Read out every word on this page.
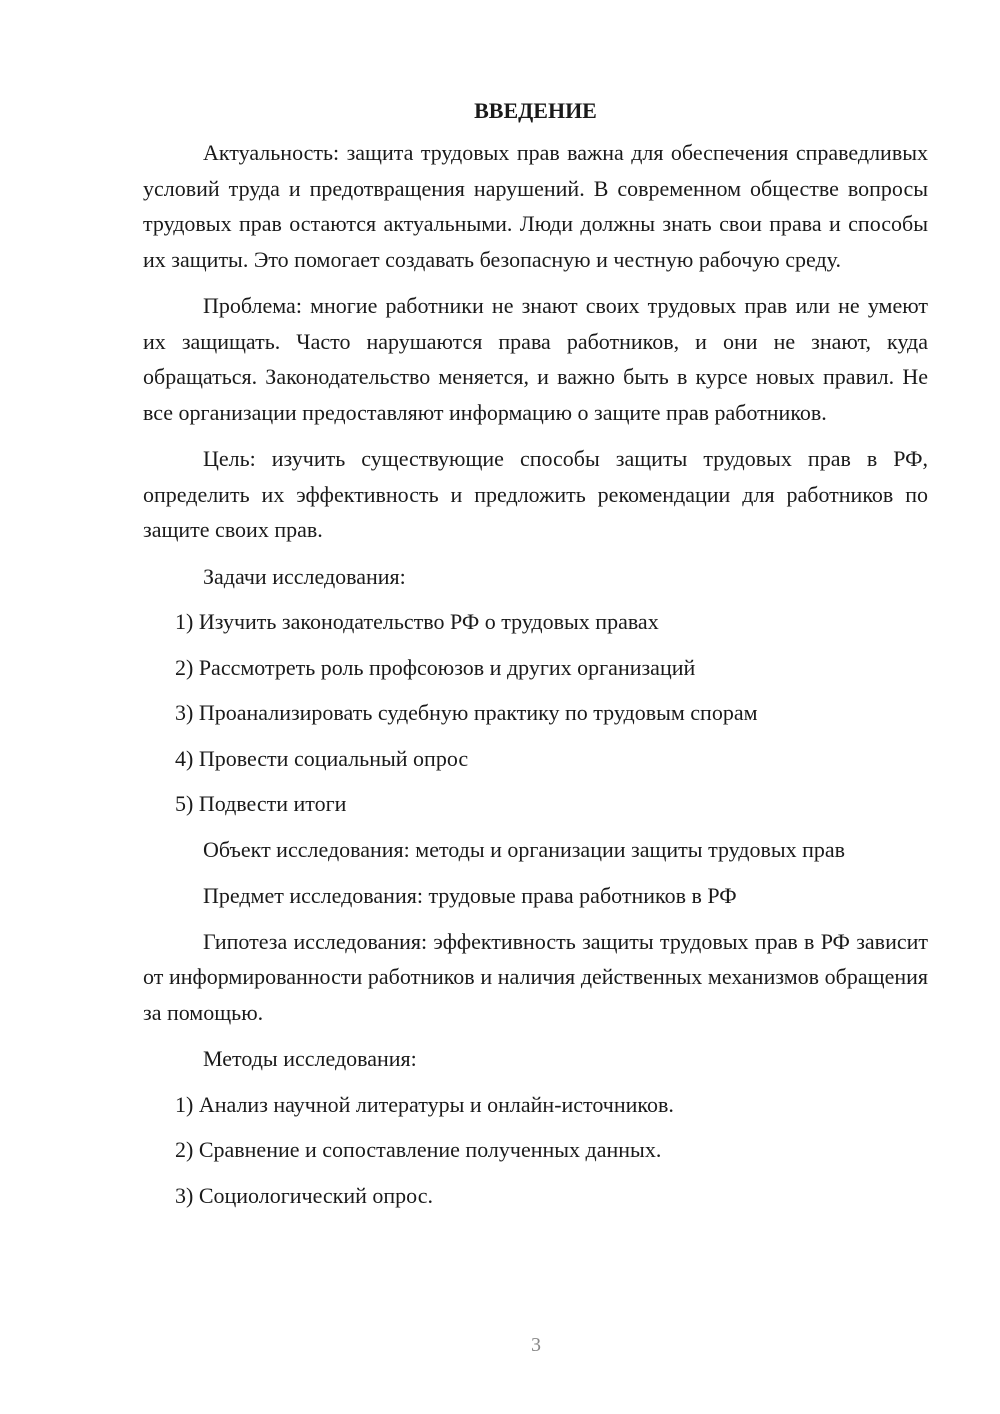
ВВЕДЕНИЕ

Актуальность: защита трудовых прав важна для обеспечения справедливых условий труда и предотвращения нарушений. В современном обществе вопросы трудовых прав остаются актуальными. Люди должны знать свои права и способы их защиты. Это помогает создавать безопасную и честную рабочую среду.

Проблема: многие работники не знают своих трудовых прав или не умеют их защищать. Часто нарушаются права работников, и они не знают, куда обращаться. Законодательство меняется, и важно быть в курсе новых правил. Не все организации предоставляют информацию о защите прав работников.

Цель: изучить существующие способы защиты трудовых прав в РФ, определить их эффективность и предложить рекомендации для работников по защите своих прав.

Задачи исследования:
1) Изучить законодательство РФ о трудовых правах
2) Рассмотреть роль профсоюзов и других организаций
3) Проанализировать судебную практику по трудовым спорам
4) Провести социальный опрос
5) Подвести итоги

Объект исследования: методы и организации защиты трудовых прав

Предмет исследования: трудовые права работников в РФ

Гипотеза исследования: эффективность защиты трудовых прав в РФ зависит от информированности работников и наличия действенных механизмов обращения за помощью.

Методы исследования:
1) Анализ научной литературы и онлайн-источников.
2) Сравнение и сопоставление полученных данных.
3) Социологический опрос.
3
